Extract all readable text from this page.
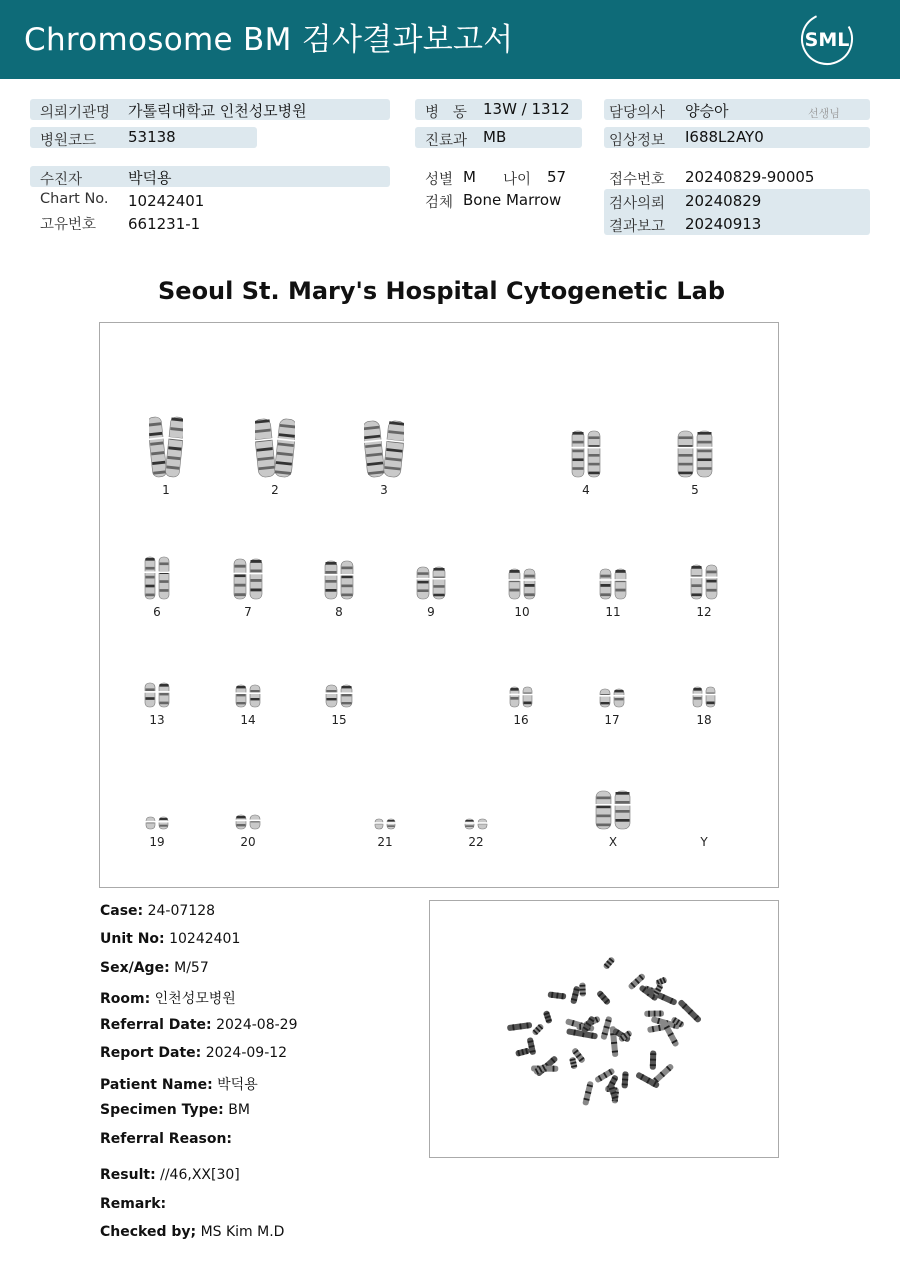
Chromosome BM 검사결과보고서	SML
의뢰기관명 가톨릭대학교 인천성모병원
병원코드 53138
병   동 13W / 1312
진료과 MB
담당의사 양승아	선생님
임상정보 I688L2AY0
수진자	박덕용
Chart No. 10242401
고유번호 661231-1
성별 M 나이 57
검체 Bone Marrow
접수번호 20240829-90005
검사의뢰 20240829
결과보고 20240913
Seoul St. Mary's Hospital Cytogenetic Lab
1	2	3	4	5
6	7	8	9	10	11	12
13	14	15	16	17	18
19	20	21	22	X	Y
Case: 24-07128
Unit No: 10242401
Sex/Age: M/57
Room: 인천성모병원
Referral Date: 2024-08-29
Report Date: 2024-09-12
Patient Name: 박덕용
Specimen Type: BM
Referral Reason:
Result: //46,XX[30]
Remark:
Checked by; MS Kim M.D
